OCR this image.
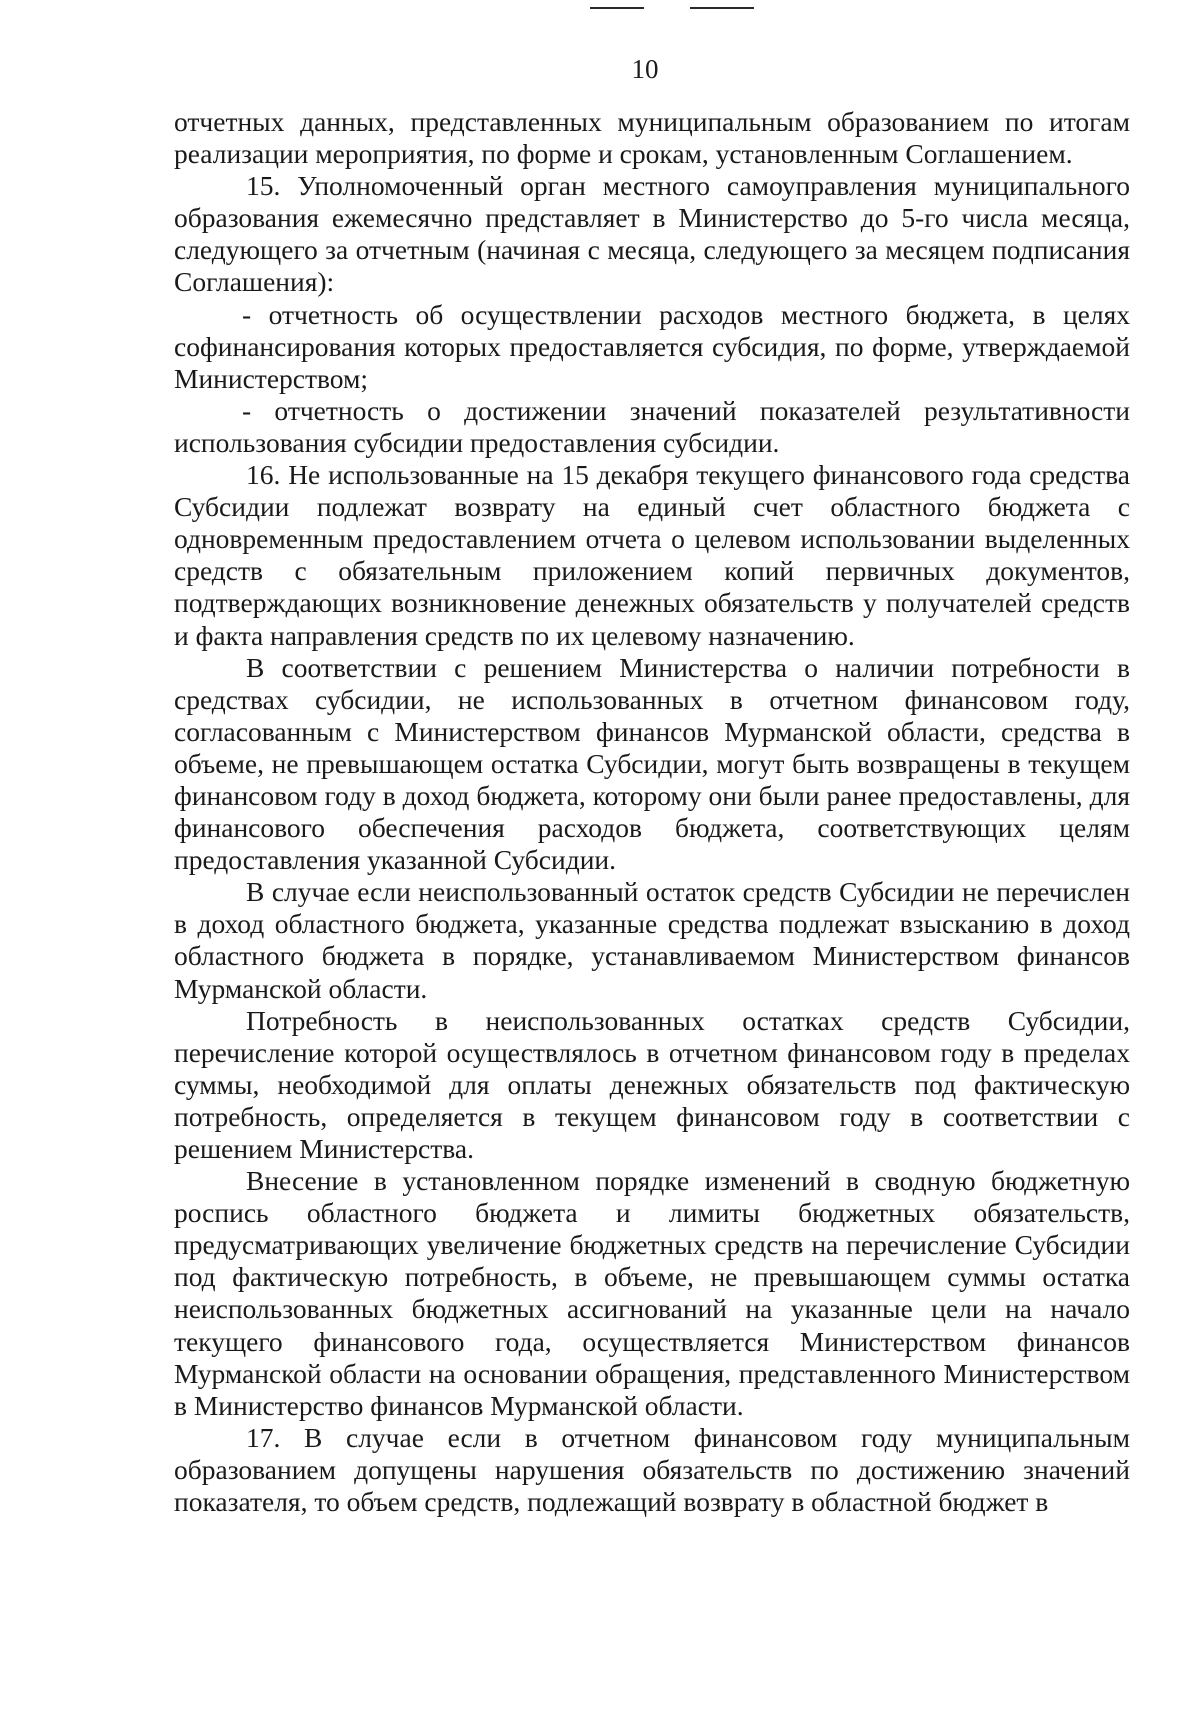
10

отчетных данных, представленных муниципальным образованием по итогам реализации мероприятия, по форме и срокам, установленным Соглашением.

15. Уполномоченный орган местного самоуправления муниципального образования ежемесячно представляет в Министерство до 5-го числа месяца, следующего за отчетным (начиная с месяца, следующего за месяцем подписания Соглашения):

- отчетность об осуществлении расходов местного бюджета, в целях софинансирования которых предоставляется субсидия, по форме, утверждаемой Министерством;

- отчетность о достижении значений показателей результативности использования субсидии предоставления субсидии.

16. Не использованные на 15 декабря текущего финансового года средства Субсидии подлежат возврату на единый счет областного бюджета с одновременным предоставлением отчета о целевом использовании выделенных средств с обязательным приложением копий первичных документов, подтверждающих возникновение денежных обязательств у получателей средств и факта направления средств по их целевому назначению.

В соответствии с решением Министерства о наличии потребности в средствах субсидии, не использованных в отчетном финансовом году, согласованным с Министерством финансов Мурманской области, средства в объеме, не превышающем остатка Субсидии, могут быть возвращены в текущем финансовом году в доход бюджета, которому они были ранее предоставлены, для финансового обеспечения расходов бюджета, соответствующих целям предоставления указанной Субсидии.

В случае если неиспользованный остаток средств Субсидии не перечислен в доход областного бюджета, указанные средства подлежат взысканию в доход областного бюджета в порядке, устанавливаемом Министерством финансов Мурманской области.

Потребность в неиспользованных остатках средств Субсидии, перечисление которой осуществлялось в отчетном финансовом году в пределах суммы, необходимой для оплаты денежных обязательств под фактическую потребность, определяется в текущем финансовом году в соответствии с решением Министерства.

Внесение в установленном порядке изменений в сводную бюджетную роспись областного бюджета и лимиты бюджетных обязательств, предусматривающих увеличение бюджетных средств на перечисление Субсидии под фактическую потребность, в объеме, не превышающем суммы остатка неиспользованных бюджетных ассигнований на указанные цели на начало текущего финансового года, осуществляется Министерством финансов Мурманской области на основании обращения, представленного Министерством в Министерство финансов Мурманской области.

17. В случае если в отчетном финансовом году муниципальным образованием допущены нарушения обязательств по достижению значений показателя, то объем средств, подлежащий возврату в областной бюджет в
